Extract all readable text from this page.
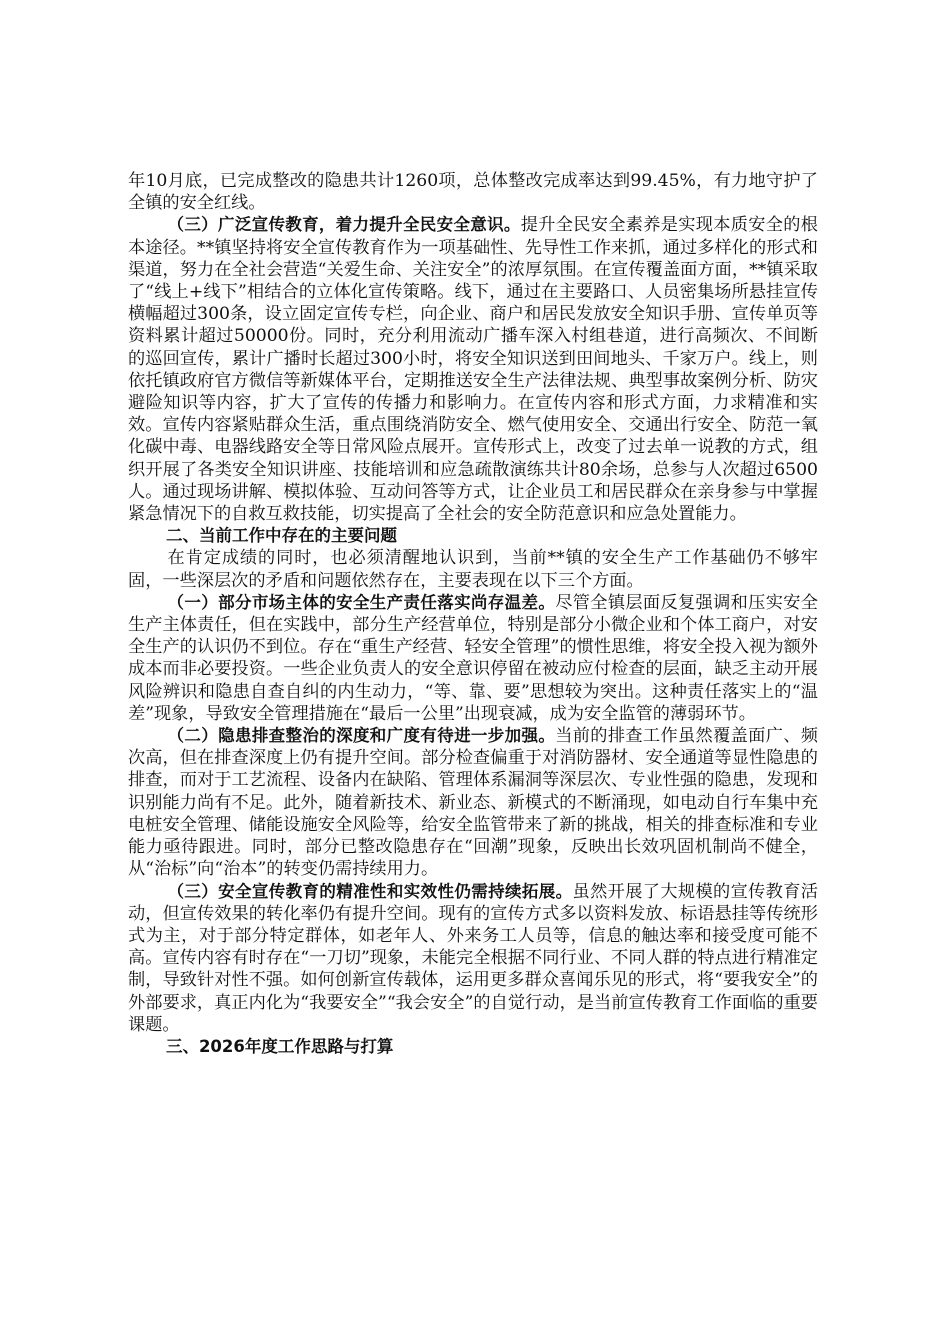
年10月底，已完成整改的隐患共计1260项，总体整改完成率达到99.45%，有力地守护了全镇的安全红线。

（三）广泛宣传教育，着力提升全民安全意识。提升全民安全素养是实现本质安全的根本途径。**镇坚持将安全宣传教育作为一项基础性、先导性工作来抓，通过多样化的形式和渠道，努力在全社会营造“关爱生命、关注安全”的浓厚氛围。在宣传覆盖面方面，**镇采取了“线上+线下”相结合的立体化宣传策略。线下，通过在主要路口、人员密集场所悬挂宣传横幅超过300条，设立固定宣传专栏，向企业、商户和居民发放安全知识手册、宣传单页等资料累计超过50000份。同时，充分利用流动广播车深入村组巷道，进行高频次、不间断的巡回宣传，累计广播时长超过300小时，将安全知识送到田间地头、千家万户。线上，则依托镇政府官方微信等新媒体平台，定期推送安全生产法律法规、典型事故案例分析、防灾避险知识等内容，扩大了宣传的传播力和影响力。在宣传内容和形式方面，力求精准和实效。宣传内容紧贴群众生活，重点围绕消防安全、燃气使用安全、交通出行安全、防范一氧化碳中毒、电器线路安全等日常风险点展开。宣传形式上，改变了过去单一说教的方式，组织开展了各类安全知识讲座、技能培训和应急疏散演练共计80余场，总参与人次超过6500人。通过现场讲解、模拟体验、互动问答等方式，让企业员工和居民群众在亲身参与中掌握紧急情况下的自救互救技能，切实提高了全社会的安全防范意识和应急处置能力。

二、当前工作中存在的主要问题

在肯定成绩的同时，也必须清醒地认识到，当前**镇的安全生产工作基础仍不够牢固，一些深层次的矛盾和问题依然存在，主要表现在以下三个方面。

（一）部分市场主体的安全生产责任落实尚存温差。尽管全镇层面反复强调和压实安全生产主体责任，但在实践中，部分生产经营单位，特别是部分小微企业和个体工商户，对安全生产的认识仍不到位。存在“重生产经营、轻安全管理”的惯性思维，将安全投入视为额外成本而非必要投资。一些企业负责人的安全意识停留在被动应付检查的层面，缺乏主动开展风险辨识和隐患自查自纠的内生动力，“等、靠、要”思想较为突出。这种责任落实上的“温差”现象，导致安全管理措施在“最后一公里”出现衰减，成为安全监管的薄弱环节。

（二）隐患排查整治的深度和广度有待进一步加强。当前的排查工作虽然覆盖面广、频次高，但在排查深度上仍有提升空间。部分检查偏重于对消防器材、安全通道等显性隐患的排查，而对于工艺流程、设备内在缺陷、管理体系漏洞等深层次、专业性强的隐患，发现和识别能力尚有不足。此外，随着新技术、新业态、新模式的不断涌现，如电动自行车集中充电桩安全管理、储能设施安全风险等，给安全监管带来了新的挑战，相关的排查标准和专业能力亟待跟进。同时，部分已整改隐患存在“回潮”现象，反映出长效巩固机制尚不健全，从“治标”向“治本”的转变仍需持续用力。

（三）安全宣传教育的精准性和实效性仍需持续拓展。虽然开展了大规模的宣传教育活动，但宣传效果的转化率仍有提升空间。现有的宣传方式多以资料发放、标语悬挂等传统形式为主，对于部分特定群体，如老年人、外来务工人员等，信息的触达率和接受度可能不高。宣传内容有时存在“一刀切”现象，未能完全根据不同行业、不同人群的特点进行精准定制，导致针对性不强。如何创新宣传载体，运用更多群众喜闻乐见的形式，将“要我安全”的外部要求，真正内化为“我要安全”“我会安全”的自觉行动，是当前宣传教育工作面临的重要课题。

三、2026年度工作思路与打算
